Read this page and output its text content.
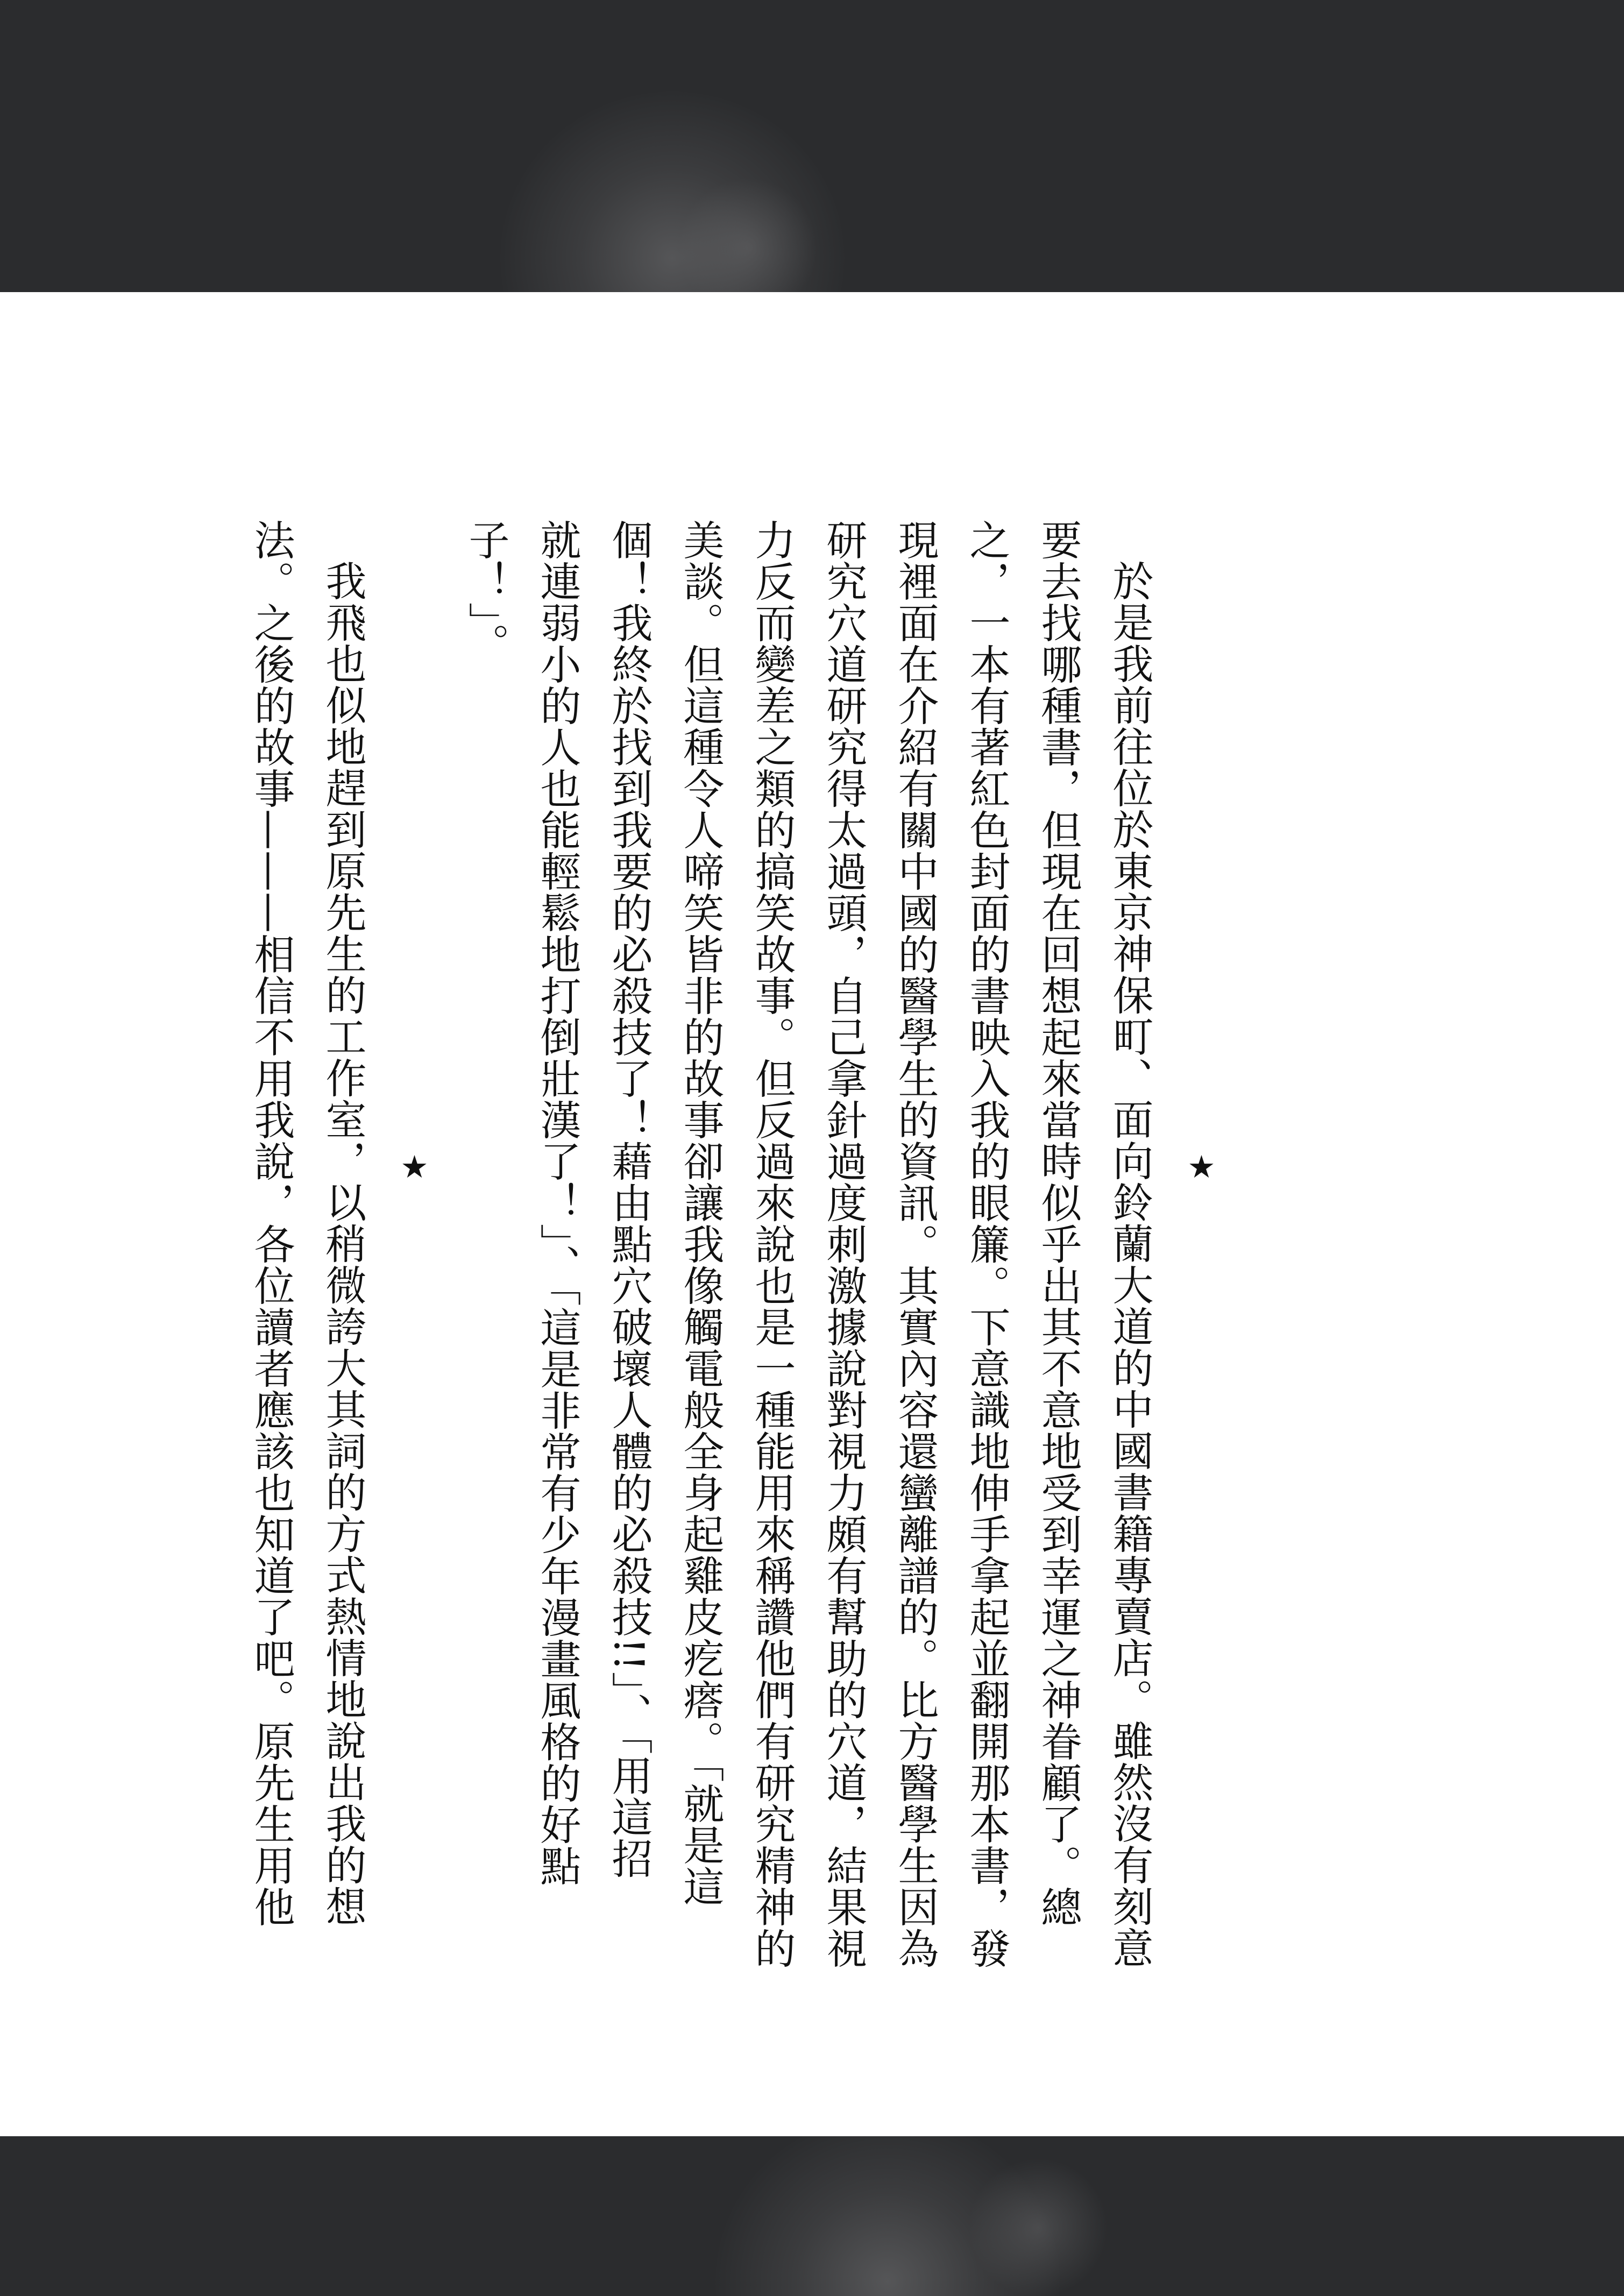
★
於是我前往位於東京神保町、面向鈴蘭大道的中國書籍專賣店。雖然沒有刻意
要去找哪種書，但現在回想起來當時似乎出其不意地受到幸運之神眷顧了。總
之，一本有著紅色封面的書映入我的眼簾。下意識地伸手拿起並翻開那本書，發
現裡面在介紹有關中國的醫學生的資訊。其實內容還蠻離譜的。比方醫學生因為
研究穴道研究得太過頭，自己拿針過度刺激據說對視力頗有幫助的穴道，結果視
力反而變差之類的搞笑故事。但反過來說也是一種能用來稱讚他們有研究精神的
美談。但這種令人啼笑皆非的故事卻讓我像觸電般全身起雞皮疙瘩。「就是這
個！我終於找到我要的必殺技了！藉由點穴破壞人體的必殺技!!」、「用這招
就連弱小的人也能輕鬆地打倒壯漢了！」、「這是非常有少年漫畫風格的好點
子！」。
★
我飛也似地趕到原先生的工作室，以稍微誇大其詞的方式熱情地說出我的想
法。之後的故事———相信不用我說，各位讀者應該也知道了吧。原先生用他
